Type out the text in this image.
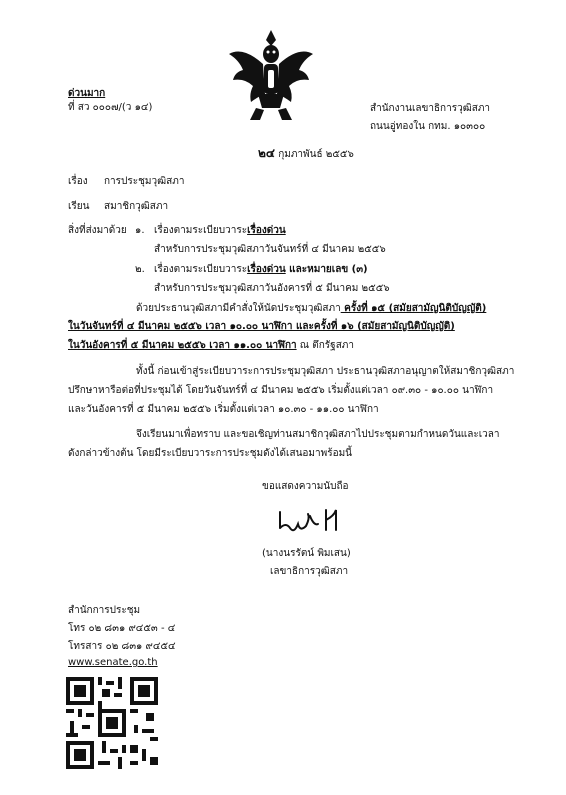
ด่วนมาก
ที่ สว ๐๐๐๗/(ว ๑๔)	สำนักงานเลขาธิการวุฒิสภา
ถนนอู่ทองใน กทม. ๑๐๓๐๐
๒๔ กุมภาพันธ์ ๒๕๕๖
เรื่อง การประชุมวุฒิสภา
เรียน สมาชิกวุฒิสภา
สิ่งที่ส่งมาด้วย ๑. เรื่องตามระเบียบวาระเรื่องด่วน
สำหรับการประชุมวุฒิสภาวันจันทร์ที่ ๔ มีนาคม ๒๕๕๖
๒. เรื่องตามระเบียบวาระเรื่องด่วน และหมายเลข (๓)
สำหรับการประชุมวุฒิสภาวันอังคารที่ ๕ มีนาคม ๒๕๕๖
ด้วยประธานวุฒิสภามีคำสั่งให้นัดประชุมวุฒิสภา ครั้งที่ ๑๕ (สมัยสามัญนิติบัญญัติ)
ในวันจันทร์ที่ ๔ มีนาคม ๒๕๕๖ เวลา ๑๐.๐๐ นาฬิกา และครั้งที่ ๑๖ (สมัยสามัญนิติบัญญัติ)
ในวันอังคารที่ ๕ มีนาคม ๒๕๕๖ เวลา ๑๑.๐๐ นาฬิกา ณ ตึกรัฐสภา
ทั้งนี้ ก่อนเข้าสู่ระเบียบวาระการประชุมวุฒิสภา ประธานวุฒิสภาอนุญาตให้สมาชิกวุฒิสภา
ปรึกษาหารือต่อที่ประชุมได้ โดยวันจันทร์ที่ ๔ มีนาคม ๒๕๕๖ เริ่มตั้งแต่เวลา ๐๙.๓๐ - ๑๐.๐๐ นาฬิกา
และวันอังคารที่ ๕ มีนาคม ๒๕๕๖ เริ่มตั้งแต่เวลา ๑๐.๓๐ - ๑๑.๐๐ นาฬิกา
จึงเรียนมาเพื่อทราบ และขอเชิญท่านสมาชิกวุฒิสภาไปประชุมตามกำหนดวันและเวลา
ดังกล่าวข้างต้น โดยมีระเบียบวาระการประชุมดังได้เสนอมาพร้อมนี้
ขอแสดงความนับถือ
(นางนรรัตน์ พิมเสน)
เลขาธิการวุฒิสภา
สำนักการประชุม
โทร ๐๒ ๘๓๑ ๙๔๕๓ - ๔
โทรสาร ๐๒ ๘๓๑ ๙๔๕๔
www.senate.go.th
